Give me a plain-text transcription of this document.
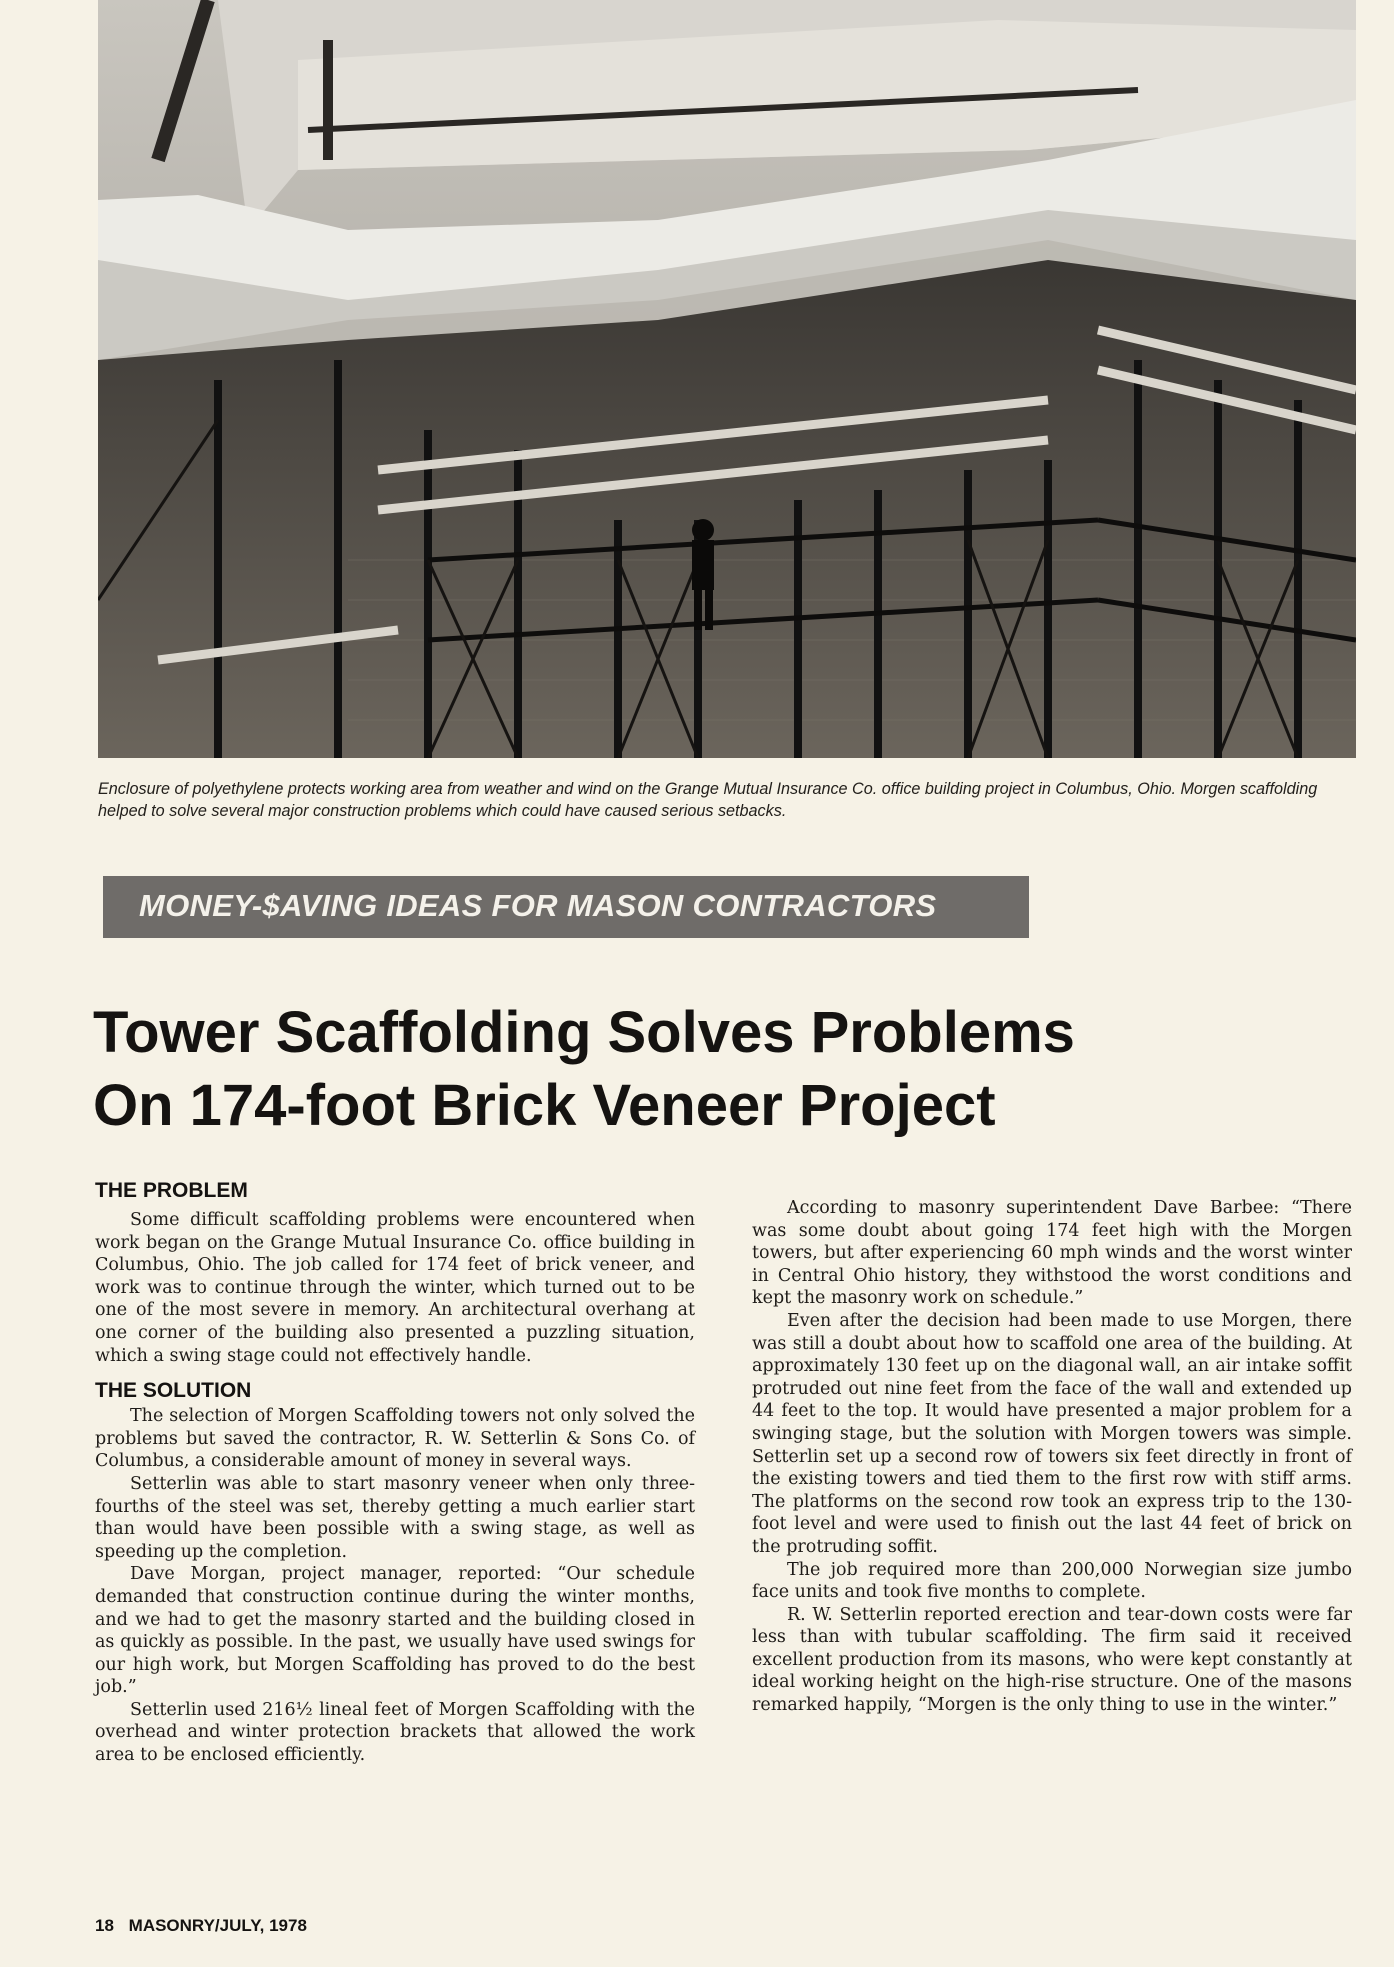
Enclosure of polyethylene protects working area from weather and wind on the Grange Mutual Insurance Co. office building project in Columbus, Ohio. Morgen scaffolding helped to solve several major construction problems which could have caused serious setbacks.

MONEY-$AVING IDEAS FOR MASON CONTRACTORS
Tower Scaffolding Solves Problems
On 174-foot Brick Veneer Project
THE PROBLEM

Some difficult scaffolding problems were encountered when work began on the Grange Mutual Insurance Co. office building in Columbus, Ohio. The job called for 174 feet of brick veneer, and work was to continue through the winter, which turned out to be one of the most severe in memory. An architectural overhang at one corner of the building also presented a puzzling situation, which a swing stage could not effectively handle.

THE SOLUTION

The selection of Morgen Scaffolding towers not only solved the problems but saved the contractor, R. W. Setterlin & Sons Co. of Columbus, a considerable amount of money in several ways.

Setterlin was able to start masonry veneer when only three-fourths of the steel was set, thereby getting a much earlier start than would have been possible with a swing stage, as well as speeding up the completion.

Dave Morgan, project manager, reported: “Our schedule demanded that construction continue during the winter months, and we had to get the masonry started and the building closed in as quickly as possible. In the past, we usually have used swings for our high work, but Morgen Scaffolding has proved to do the best job.”

Setterlin used 216½ lineal feet of Morgen Scaffolding with the overhead and winter protection brackets that allowed the work area to be enclosed efficiently.

According to masonry superintendent Dave Barbee: “There was some doubt about going 174 feet high with the Morgen towers, but after experiencing 60 mph winds and the worst winter in Central Ohio history, they withstood the worst conditions and kept the masonry work on schedule.”

Even after the decision had been made to use Morgen, there was still a doubt about how to scaffold one area of the building. At approximately 130 feet up on the diagonal wall, an air intake soffit protruded out nine feet from the face of the wall and extended up 44 feet to the top. It would have presented a major problem for a swinging stage, but the solution with Morgen towers was simple. Setterlin set up a second row of towers six feet directly in front of the existing towers and tied them to the first row with stiff arms. The platforms on the second row took an express trip to the 130-foot level and were used to finish out the last 44 feet of brick on the protruding soffit.

The job required more than 200,000 Norwegian size jumbo face units and took five months to complete.

R. W. Setterlin reported erection and tear-down costs were far less than with tubular scaffolding. The firm said it received excellent production from its masons, who were kept constantly at ideal working height on the high-rise structure. One of the masons remarked happily, “Morgen is the only thing to use in the winter.”

18 MASONRY/JULY, 1978
